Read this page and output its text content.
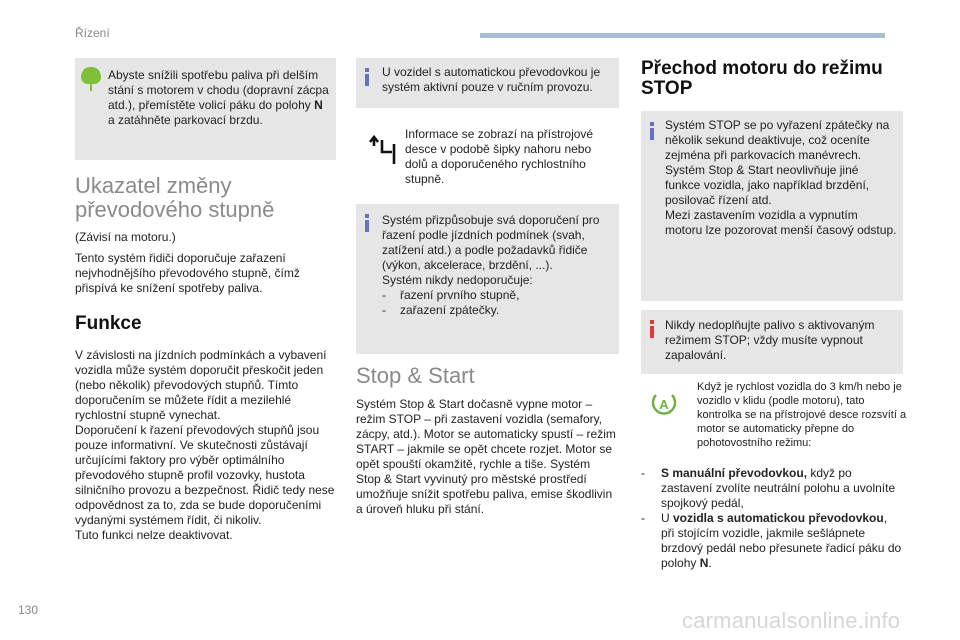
Řízení
130	carmanualsonline.info
Abyste snížili spotřebu paliva při delším stání s motorem v chodu (dopravní zácpa atd.), přemístěte volicí páku do polohy N a zatáhněte parkovací brzdu.
Ukazatel změny
převodového stupně
(Závisí na motoru.)
Tento systém řidiči doporučuje zařazení nejvhodnějšího převodového stupně, čímž přispívá ke snížení spotřeby paliva.
Funkce

V závislosti na jízdních podmínkách a vybavení vozidla může systém doporučit přeskočit jeden (nebo několik) převodových stupňů. Tímto doporučením se můžete řídit a mezilehlé rychlostní stupně vynechat.

Doporučení k řazení převodových stupňů jsou pouze informativní. Ve skutečnosti zůstávají určujícími faktory pro výběr optimálního převodového stupně profil vozovky, hustota silničního provozu a bezpečnost. Řidič tedy nese odpovědnost za to, zda se bude doporučeními vydanými systémem řídit, či nikoliv.

Tuto funkci nelze deaktivovat.

U vozidel s automatickou převodovkou je systém aktivní pouze v ručním provozu.
Informace se zobrazí na přístrojové desce v podobě šipky nahoru nebo dolů a doporučeného rychlostního stupně.

Systém přizpůsobuje svá doporučení pro řazení podle jízdních podmínek (svah, zatížení atd.) a podle požadavků řidiče (výkon, akcelerace, brzdění, ...).

Systém nikdy nedoporučuje:

- řazení prvního stupně,
- zařazení zpátečky.
Stop & Start
Systém Stop & Start dočasně vypne motor – režim STOP – při zastavení vozidla (semafory, zácpy, atd.). Motor se automaticky spustí – režim START – jakmile se opět chcete rozjet. Motor se opět spouští okamžitě, rychle a tiše. Systém Stop & Start vyvinutý pro městské prostředí umožňuje snížit spotřebu paliva, emise škodlivin a úroveň hluku při stání.
Přechod motoru do režimu
STOP

Systém STOP se po vyřazení zpátečky na několik sekund deaktivuje, což oceníte zejména při parkovacích manévrech.

Systém Stop & Start neovlivňuje jiné funkce vozidla, jako například brzdění, posilovač řízení atd.

Mezi zastavením vozidla a vypnutím motoru lze pozorovat menší časový odstup.

Nikdy nedoplňujte palivo s aktivovaným režimem STOP; vždy musíte vypnout zapalování.
A
Když je rychlost vozidla do 3 km/h nebo je vozidlo v klidu (podle motoru), tato kontrolka se na přístrojové desce rozsvítí a motor se automaticky přepne do pohotovostního režimu:
- S manuální převodovkou, když po zastavení zvolíte neutrální polohu a uvolníte spojkový pedál,
- U vozidla s automatickou převodovkou, při stojícím vozidle, jakmile sešlápnete brzdový pedál nebo přesunete řadicí páku do polohy N.
